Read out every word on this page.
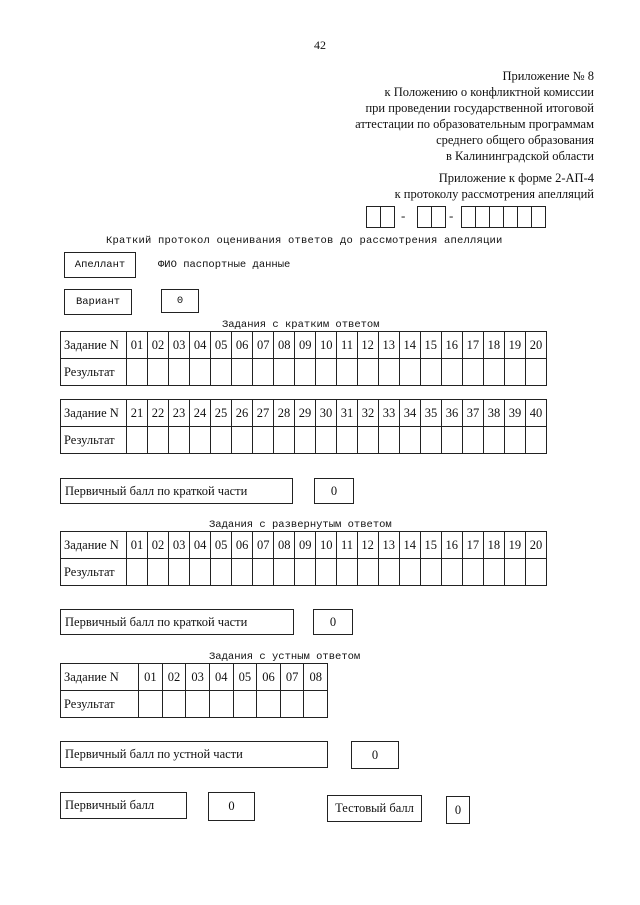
42
Приложение № 8
к Положению о конфликтной комиссии
при проведении государственной итоговой
аттестации по образовательным программам
среднего общего образования
в Калининградской области
Приложение к форме 2-АП-4
к протоколу рассмотрения апелляций
-	-
Краткий протокол оценивания ответов до рассмотрения апелляции
Апеллант	ФИО паспортные данные
Вариант	0
Задания с кратким ответом
Задание N	01	02	03	04	05	06	07	08	09	10	11	12	13	14	15	16	17	18	19	20
Результат																				
Задание N	21	22	23	24	25	26	27	28	29	30	31	32	33	34	35	36	37	38	39	40
Результат																				
Первичный балл по краткой части	0
Задания с развернутым ответом
Задание N	01	02	03	04	05	06	07	08	09	10	11	12	13	14	15	16	17	18	19	20
Результат																				
Первичный балл по краткой части	0
Задания с устным ответом
Задание N	01	02	03	04	05	06	07	08
Результат								
Первичный балл по устной части	0
Первичный балл	0	Тестовый балл	0
